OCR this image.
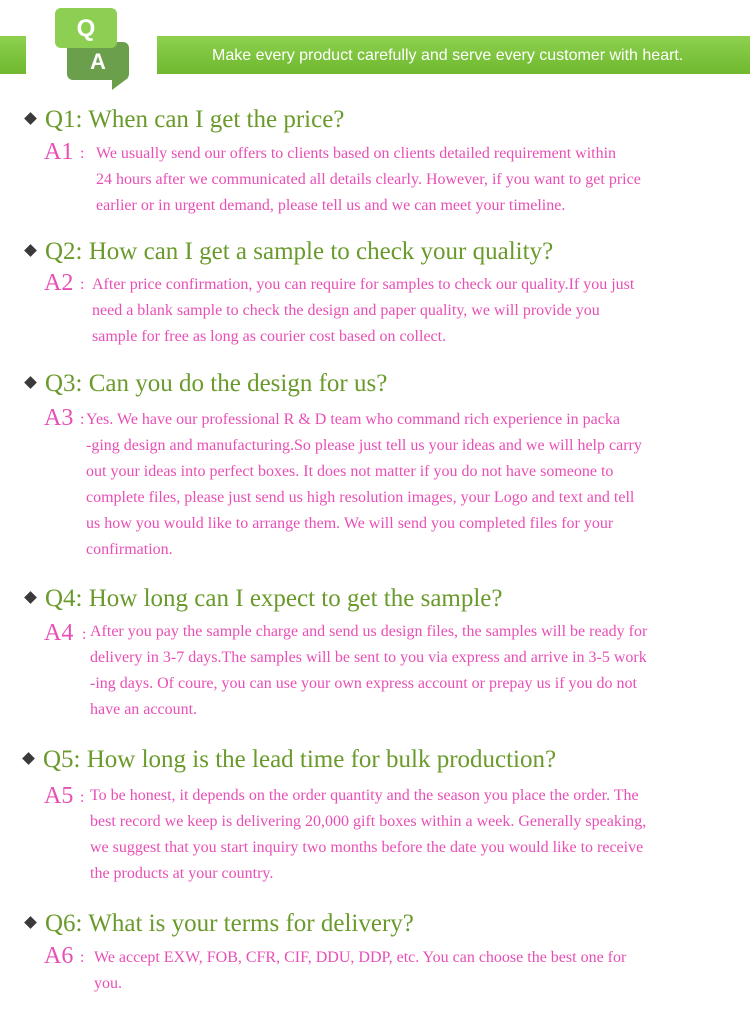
A
Q
Make every product carefully and serve every customer with heart.
Q1: When can I get the price?
A1 : We usually send our offers to clients based on clients detailed requirement within
24 hours after we communicated all details clearly. However, if you want to get price
earlier or in urgent demand, please tell us and we can meet your timeline.
Q2: How can I get a sample to check your quality?
A2 : After price confirmation, you can require for samples to check our quality.If you just
need a blank sample to check the design and paper quality, we will provide you
sample for free as long as courier cost based on collect.
Q3: Can you do the design for us?
A3 : Yes. We have our professional R & D team who command rich experience in packa
-ging design and manufacturing.So please just tell us your ideas and we will help carry
out your ideas into perfect boxes. It does not matter if you do not have someone to
complete files, please just send us high resolution images, your Logo and text and tell
us how you would like to arrange them. We will send you completed files for your
confirmation.
Q4: How long can I expect to get the sample?
A4 : After you pay the sample charge and send us design files, the samples will be ready for
delivery in 3-7 days.The samples will be sent to you via express and arrive in 3-5 work
-ing days. Of coure, you can use your own express account or prepay us if you do not
have an account.
Q5: How long is the lead time for bulk production?
A5 : To be honest, it depends on the order quantity and the season you place the order. The
best record we keep is delivering 20,000 gift boxes within a week. Generally speaking,
we suggest that you start inquiry two months before the date you would like to receive
the products at your country.
Q6: What is your terms for delivery?
A6 : We accept EXW, FOB, CFR, CIF, DDU, DDP, etc. You can choose the best one for
you.
